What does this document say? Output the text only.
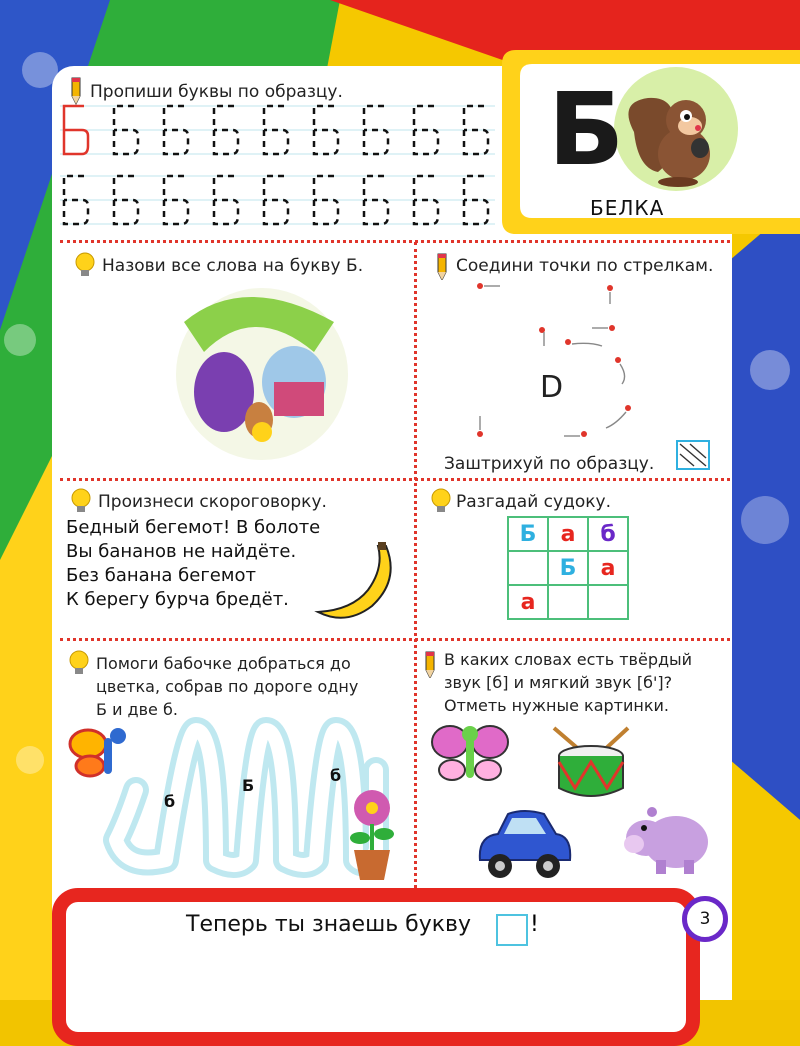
Б
БЕЛКА
Пропиши буквы по образцу.
Назови все слова на букву Б.	Соедини точки по стрелкам.
D
Заштрихуй по образцу.
Произнеси скороговорку.
Бедный бегемот! В болоте
Вы бананов не найдёте.
Без банана бегемот
К берегу бурча бредёт.
Разгадай судоку.
Б	а	б
	Б	а
а		
Помоги бабочке добраться до
цветка, собрав по дороге одну
Б и две б.
б
Б
б
В каких словах есть твёрдый
звук [б] и мягкий звук [б']?
Отметь нужные картинки.
Теперь ты знаешь букву	!	3
